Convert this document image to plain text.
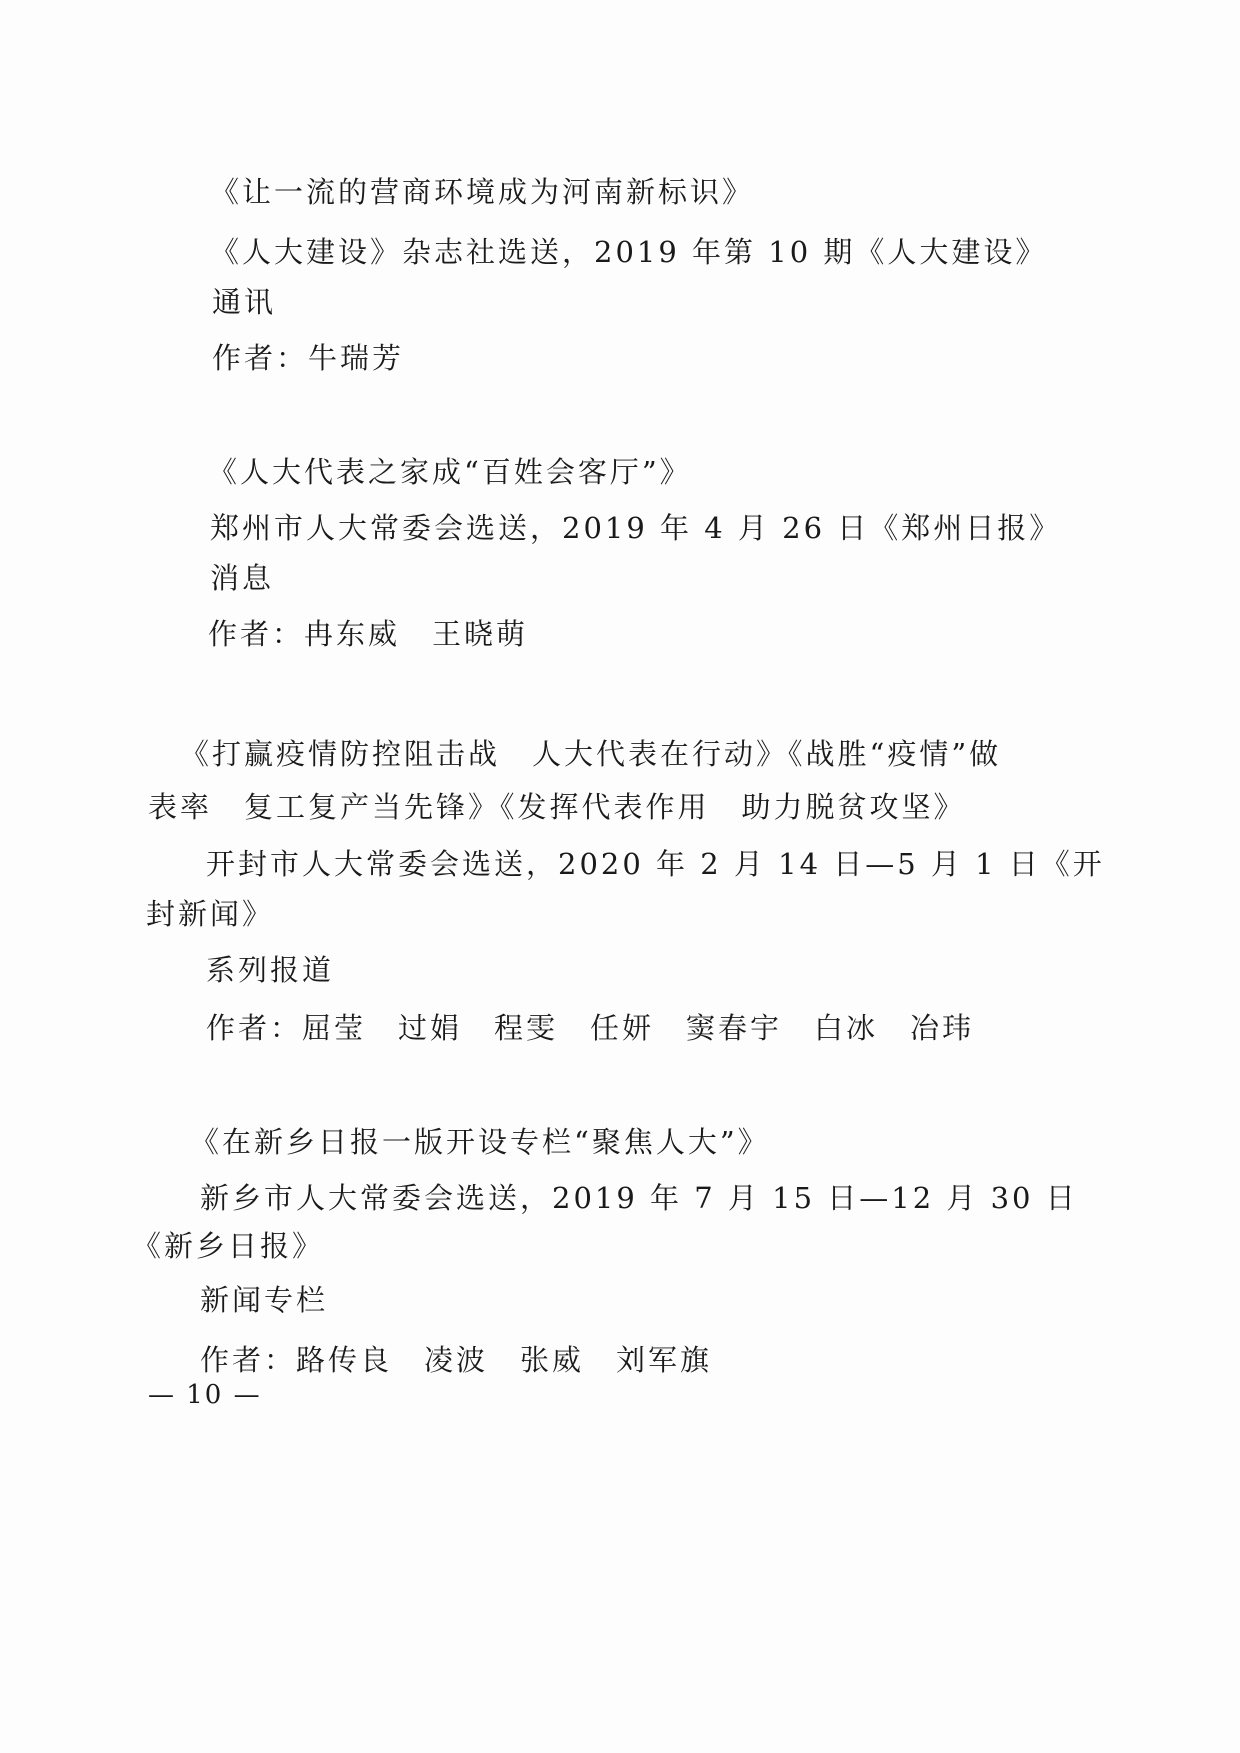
《让一流的营商环境成为河南新标识》
《人大建设》杂志社选送，2019 年第 10 期《人大建设》
通讯
作者：牛瑞芳
《人大代表之家成“百姓会客厅”》
郑州市人大常委会选送，2019 年 4 月 26 日《郑州日报》
消息
作者：冉东威　王晓萌
《打赢疫情防控阻击战　人大代表在行动》《战胜“疫情”做
表率　复工复产当先锋》《发挥代表作用　助力脱贫攻坚》
开封市人大常委会选送，2020 年 2 月 14 日—5 月 1 日《开
封新闻》
系列报道
作者：屈莹　过娟　程雯　任妍　窦春宇　白冰　冶玮
《在新乡日报一版开设专栏“聚焦人大”》
新乡市人大常委会选送，2019 年 7 月 15 日—12 月 30 日
《新乡日报》
新闻专栏
作者：路传良　凌波　张威　刘军旗
— 10 —
